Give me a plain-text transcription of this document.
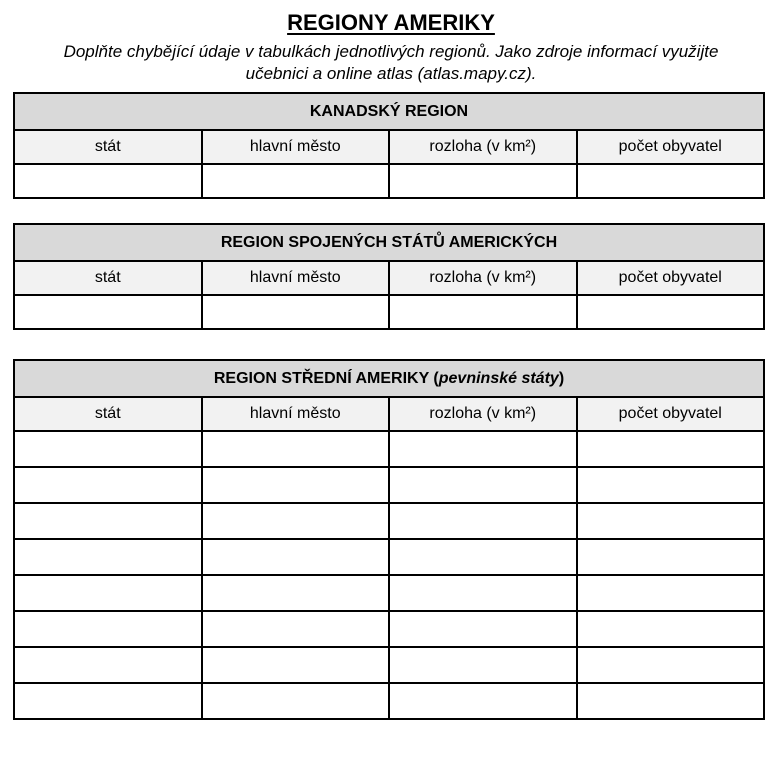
REGIONY AMERIKY

Doplňte chybějící údaje v tabulkách jednotlivých regionů. Jako zdroje informací využijte
učebnici a online atlas (atlas.mapy.cz).

KANADSKÝ REGION			
stát	hlavní město	rozloha (v km²)	počet obyvatel

REGION SPOJENÝCH STÁTŮ AMERICKÝCH			
stát	hlavní město	rozloha (v km²)	počet obyvatel

REGION STŘEDNÍ AMERIKY (pevninské státy)			
stát	hlavní město	rozloha (v km²)	počet obyvatel
